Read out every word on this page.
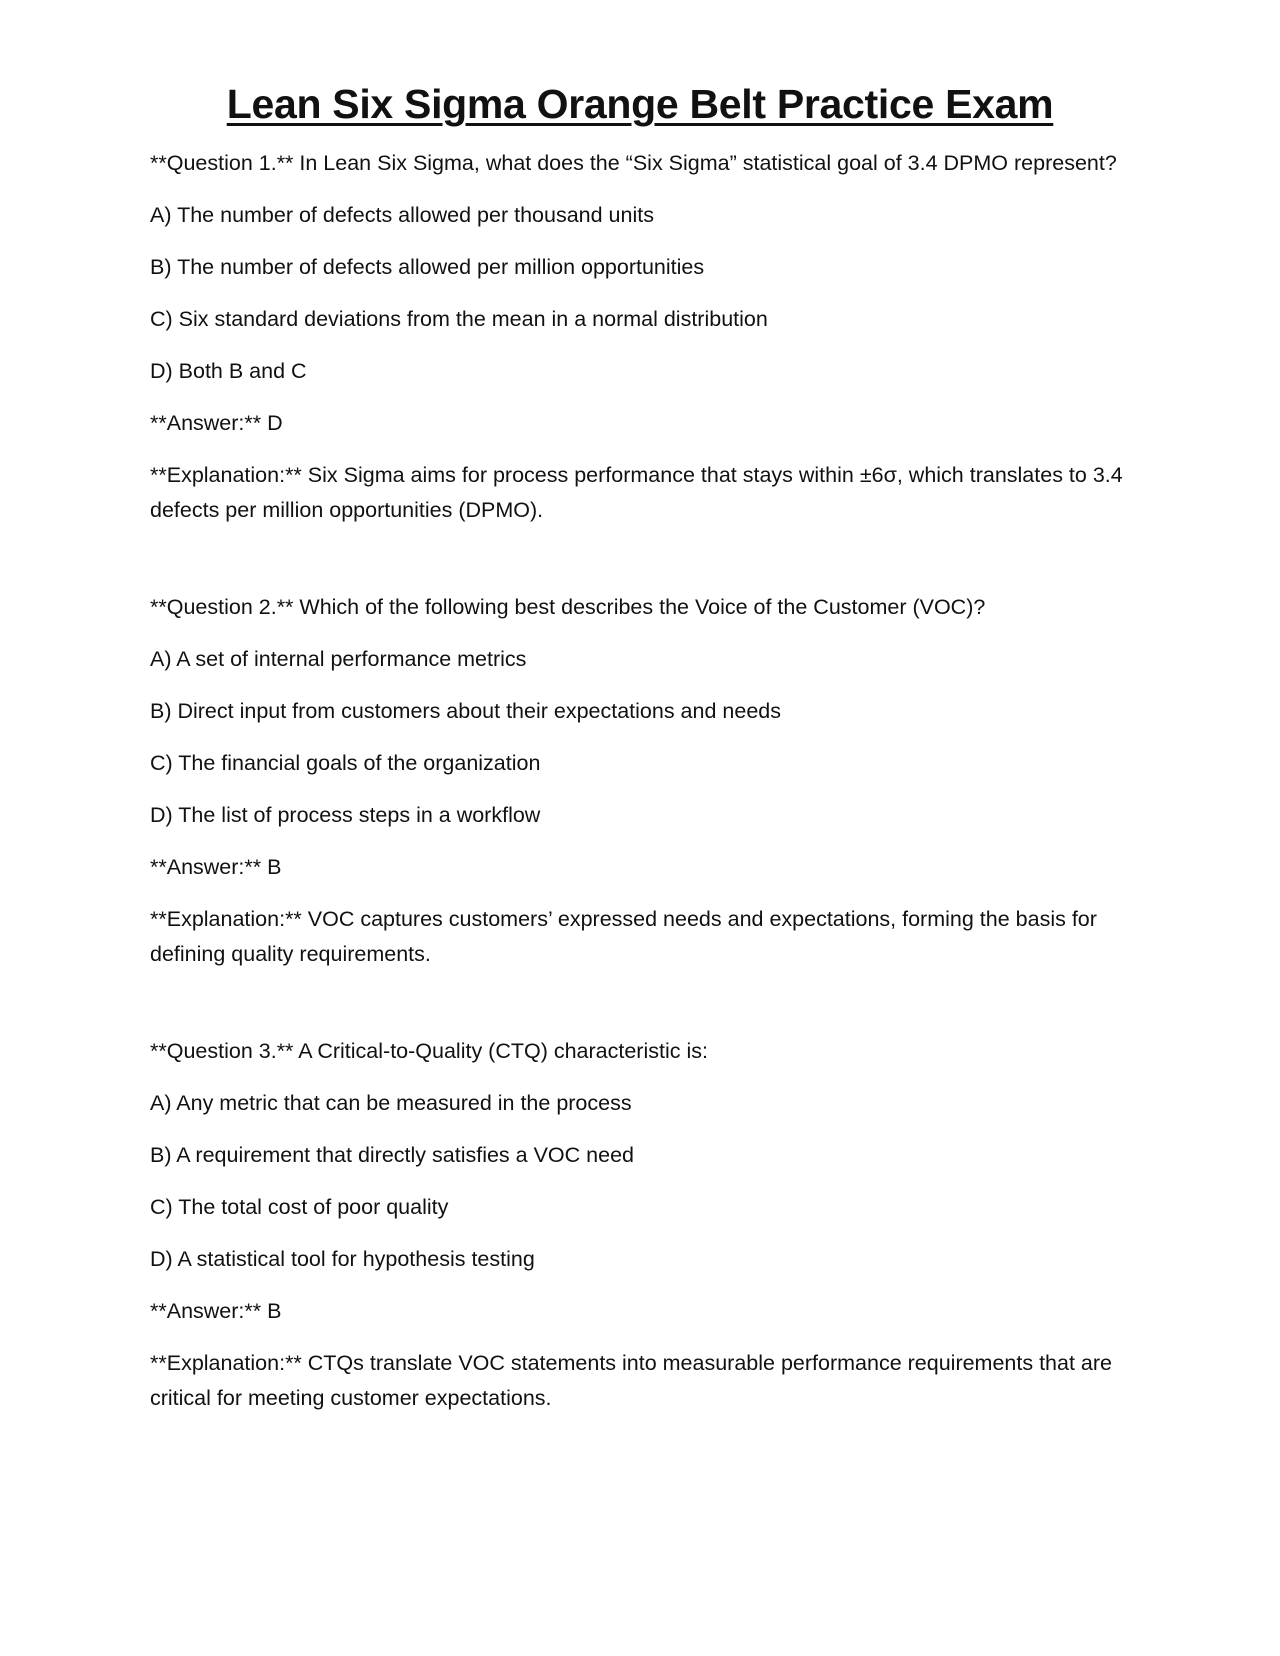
Lean Six Sigma Orange Belt Practice Exam

**Question 1.** In Lean Six Sigma, what does the “Six Sigma” statistical goal of 3.4 DPMO represent?

A) The number of defects allowed per thousand units

B) The number of defects allowed per million opportunities

C) Six standard deviations from the mean in a normal distribution

D) Both B and C

**Answer:** D

**Explanation:** Six Sigma aims for process performance that stays within ±6σ, which translates to 3.4 defects per million opportunities (DPMO).

**Question 2.** Which of the following best describes the Voice of the Customer (VOC)?

A) A set of internal performance metrics

B) Direct input from customers about their expectations and needs

C) The financial goals of the organization

D) The list of process steps in a workflow

**Answer:** B

**Explanation:** VOC captures customers’ expressed needs and expectations, forming the basis for defining quality requirements.

**Question 3.** A Critical-to-Quality (CTQ) characteristic is:

A) Any metric that can be measured in the process

B) A requirement that directly satisfies a VOC need

C) The total cost of poor quality

D) A statistical tool for hypothesis testing

**Answer:** B

**Explanation:** CTQs translate VOC statements into measurable performance requirements that are critical for meeting customer expectations.
